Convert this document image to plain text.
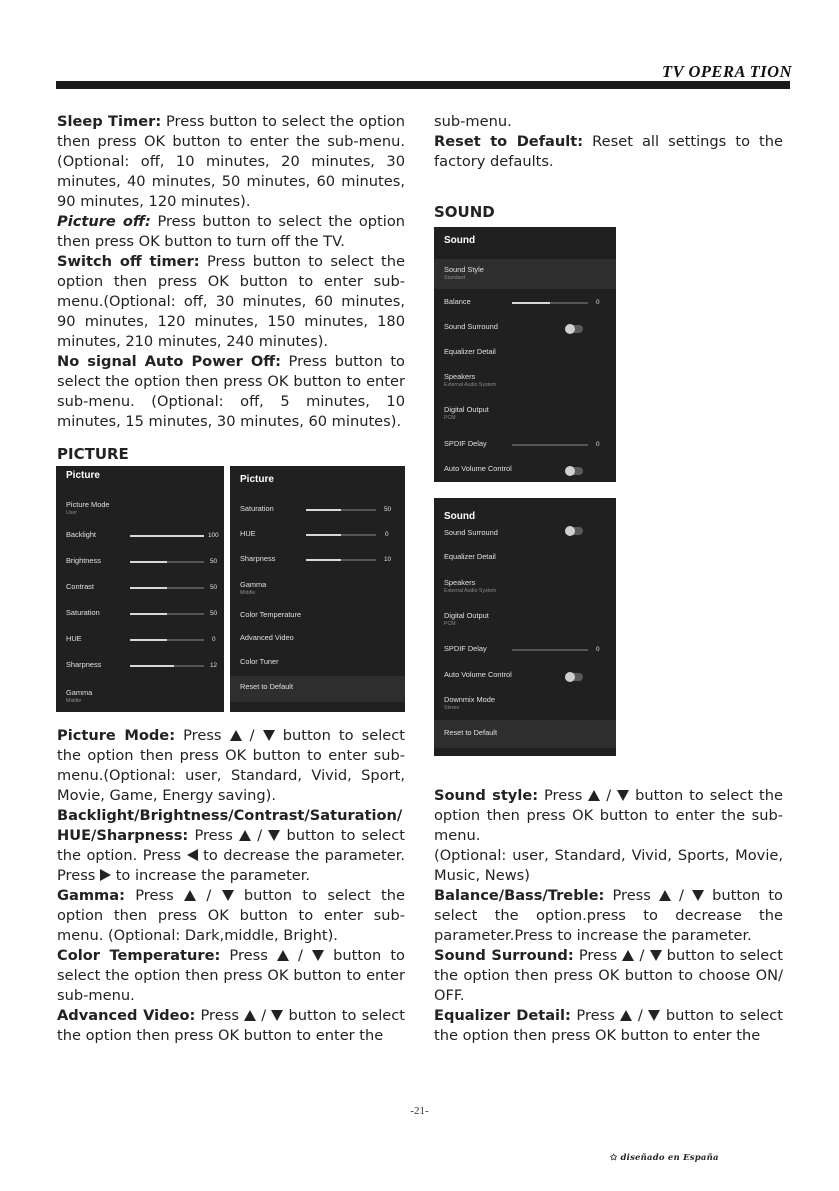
TV OPERA TION

Sleep Timer: Press button to select the option then press OK button to enter the sub-menu. (Optional: off, 10 minutes, 20 minutes, 30 minutes, 40 minutes, 50 minutes, 60 minutes, 90 minutes, 120 minutes).

Picture off: Press button to select the option then press OK button to turn off the TV.

Switch off timer: Press button to select the option then press OK button to enter sub-menu.(Optional: off, 30 minutes, 60 minutes, 90 minutes, 120 minutes, 150 minutes, 180 minutes, 210 minutes, 240 minutes).

No signal Auto Power Off: Press button to select the option then press OK button to enter sub-menu. (Optional: off, 5 minutes, 10 minutes, 15 minutes, 30 minutes, 60 minutes).

PICTURE

Picture
Picture Mode
User
Backlight	100
Brightness	50
Contrast	50
Saturation	50
HUE	0
Sharpness	12
Gamma
Middle
Picture
Saturation	50
HUE	0
Sharpness	10
Gamma
Middle
Color Temperature
Advanced Video
Color Tuner
Reset to Default

Picture Mode: Press  /  button to select the option then press OK button to enter sub-menu.(Optional: user, Standard, Vivid, Sport, Movie, Game, Energy saving).

Backlight/Brightness/Contrast/Saturation/ HUE/Sharpness: Press  /  button to select the option. Press  to decrease the parameter. Press  to increase the parameter.

Gamma: Press  /  button to select the option then press OK button to enter sub-menu. (Optional: Dark,middle, Bright).

Color Temperature: Press  /  button to select the option then press OK button to enter sub-menu.

Advanced Video: Press  /  button to select the option then press OK button to enter the

sub-menu.

Reset to Default: Reset all settings to the factory defaults.

SOUND

Sound
Sound Style
Standard
Balance	0
Sound Surround
Equalizer Detail
Speakers
External Audio System
Digital Output
PCM
SPDIF Delay	0
Auto Volume Control
Sound
Sound Surround
Equalizer Detail
Speakers
External Audio System
Digital Output
PCM
SPDIF Delay	0
Auto Volume Control
Downmix Mode
Stereo
Reset to Default

Sound style: Press  /  button to select the option then press OK button to enter the sub-menu.

(Optional: user, Standard, Vivid, Sports, Movie, Music, News)

Balance/Bass/Treble: Press  /  button to select the option.press to decrease the parameter.Press to increase the parameter.

Sound Surround: Press  /  button to select the option then press OK button to choose ON/ OFF.

Equalizer Detail: Press  /  button to select the option then press OK button to enter the

-21-
✩ diseñado en España
